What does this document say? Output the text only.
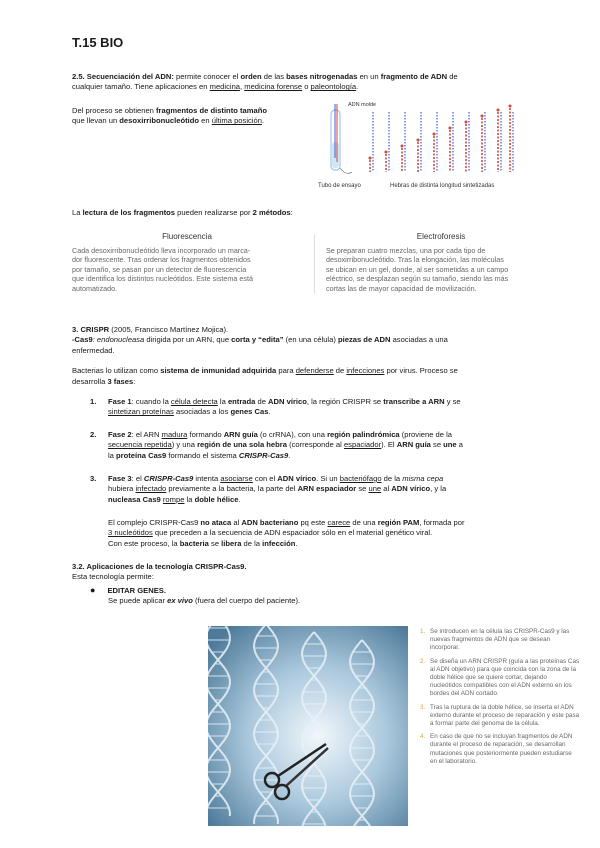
T.15 BIO
2.5. Secuenciación del ADN: permite conocer el orden de las bases nitrogenadas en un fragmento de ADN de
cualquier tamaño. Tiene aplicaciones en medicina, medicina forense o paleontología.
Del proceso se obtienen fragmentos de distinto tamaño
que llevan un desoxirribonucleótido en última posición.
ADN molde
Tubo de ensayo	Hebras de distinta longitud sintetizadas
La lectura de los fragmentos pueden realizarse por 2 métodos:
Fluorescencia
Cada desoxirribonucleótido lleva incorporado un marca-
dor fluorescente. Tras ordenar los fragmentos obtenidos
por tamaño, se pasan por un detector de fluorescencia
que identifica los distintos nucleótidos. Este sistema está
automatizado.
Electroforesis
Se preparan cuatro mezclas, una por cada tipo de
desoxirribonucleótido. Tras la elongación, las moléculas
se ubican en un gel, donde, al ser sometidas a un campo
eléctrico, se desplazan según su tamaño, siendo las más
cortas las de mayor capacidad de movilización.
3. CRISPR (2005, Francisco Martínez Mojica).
-Cas9: endonucleasa dirigida por un ARN, que corta y “edita” (en una célula) piezas de ADN asociadas a una
enfermedad.
Bacterias lo utilizan como sistema de inmunidad adquirida para defenderse de infecciones por virus. Proceso se
desarrolla 3 fases:
1. Fase 1: cuando la célula detecta la entrada de ADN vírico, la región CRISPR se transcribe a ARN y se
sintetizan proteínas asociadas a los genes Cas.
2. Fase 2: el ARN madura formando ARN guía (o crRNA), con una región palindrómica (proviene de la
secuencia repetida) y una región de una sola hebra (corresponde al espaciador). El ARN guía se une a
la proteína Cas9 formando el sistema CRISPR-Cas9.
3. Fase 3: el CRISPR-Cas9 intenta asociarse con el ADN vírico. Si un bacteriófago de la misma cepa
hubiera infectado previamente a la bacteria, la parte del ARN espaciador se une al ADN vírico, y la
nucleasa Cas9 rompe la doble hélice.
El complejo CRISPR-Cas9 no ataca al ADN bacteriano pq este carece de una región PAM, formada por
3 nucleótidos que preceden a la secuencia de ADN espaciador sólo en el material genético viral.
Con este proceso, la bacteria se libera de la infección.
3.2. Aplicaciones de la tecnología CRISPR-Cas9.
Esta tecnología permite:
● EDITAR GENES.
Se puede aplicar ex vivo (fuera del cuerpo del paciente).
1. Se introducen en la célula las CRISPR-Cas9 y las nuevas fragmentos de ADN que se desean incorporar.
2. Se diseña un ARN CRISPR (guía a las proteínas Cas al ADN objetivo) para que coincida con la zona de la doble hélice que se quiere cortar, dejando nucleótidos compatibles con el ADN externo en los bordes del ADN cortado.
3. Tras la ruptura de la doble hélice, se inserta el ADN externo durante el proceso de reparación y este pasa a formar parte del genoma de la célula.
4. En caso de que no se incluyan fragmentos de ADN durante el proceso de reparación, se desarrollan mutaciones que posteriormente pueden estudiarse en el laboratorio.
